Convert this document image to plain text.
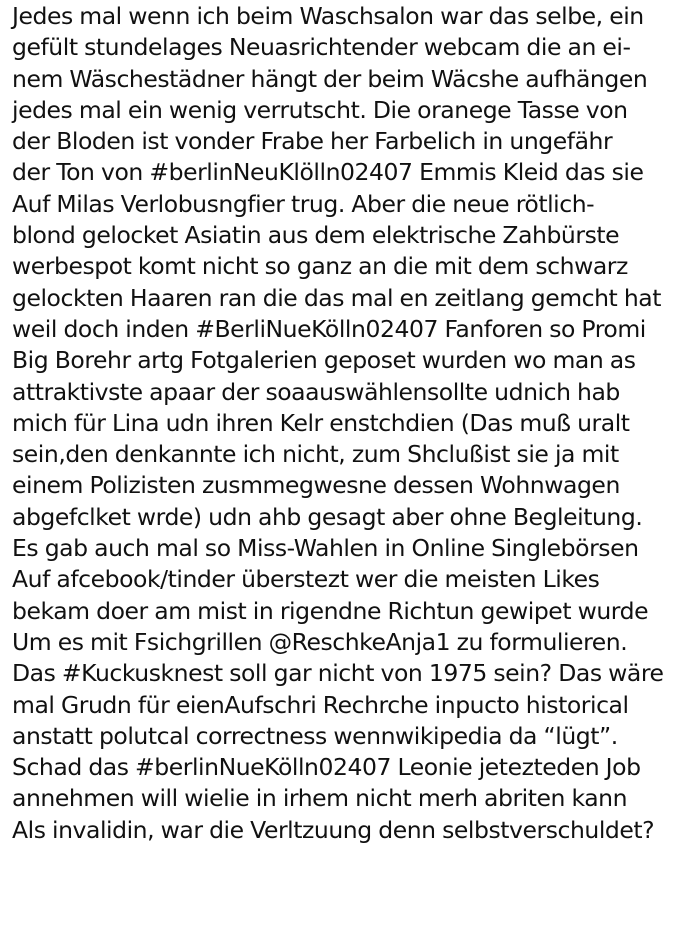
Jedes mal wenn ich beim Waschsalon war das selbe, ein
gefült stundelages Neuasrichtender webcam die an ei-
nem Wäschestädner hängt der beim Wäcshe aufhängen
jedes mal ein wenig verrutscht. Die oranege Tasse von
der Bloden ist vonder Frabe her Farbelich in ungefähr
der Ton von #berlinNeuKlölln02407 Emmis Kleid das sie
Auf Milas Verlobusngfier trug. Aber die neue rötlich-
blond gelocket Asiatin aus dem elektrische Zahbürste
werbespot komt nicht so ganz an die mit dem schwarz
gelockten Haaren ran die das mal en zeitlang gemcht hat
weil doch inden #BerliNueKölln02407 Fanforen so Promi
Big Borehr artg Fotgalerien geposet wurden wo man as
attraktivste apaar der soaauswählensollte udnich hab
mich für Lina udn ihren Kelr enstchdien (Das muß uralt
sein,den denkannte ich nicht, zum Shclußist sie ja mit
einem Polizisten zusmmegwesne dessen Wohnwagen
abgefclket wrde) udn ahb gesagt aber ohne Begleitung.
Es gab auch mal so Miss-Wahlen in Online Singlebörsen
Auf afcebook/tinder überstezt wer die meisten Likes
bekam doer am mist in rigendne Richtun gewipet wurde
Um es mit Fsichgrillen @ReschkeAnja1 zu formulieren.
Das #Kuckusknest soll gar nicht von 1975 sein? Das wäre
mal Grudn für eienAufschri Rechrche inpucto historical
anstatt polutcal correctness wennwikipedia da “lügt”.
Schad das #berlinNueKölln02407 Leonie jetezteden Job
annehmen will wielie in irhem nicht merh abriten kann
Als invalidin, war die Verltzuung denn selbstverschuldet?
